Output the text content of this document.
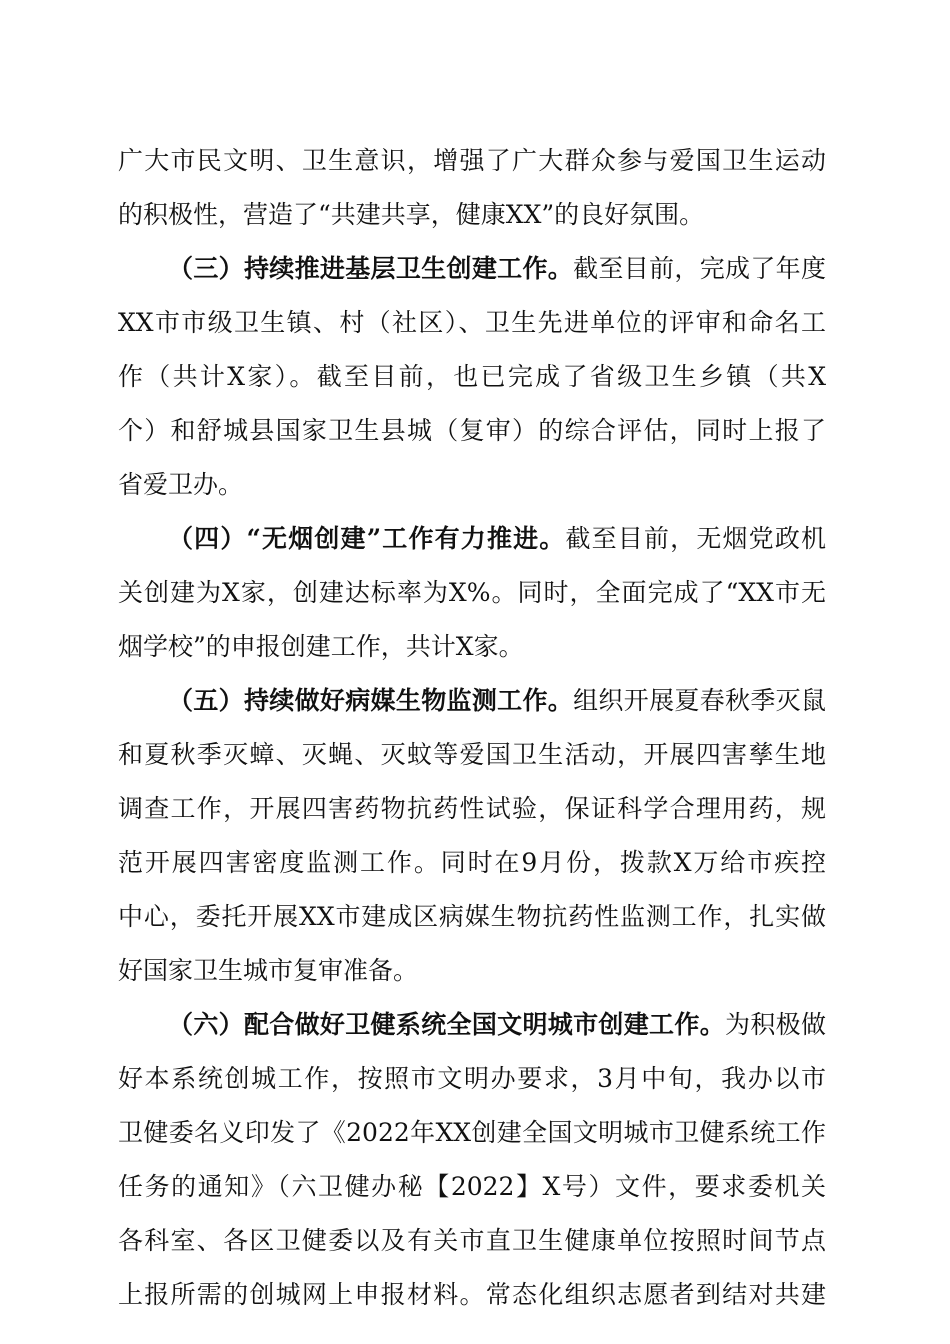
广大市民文明、卫生意识，增强了广大群众参与爱国卫生运动
的积极性，营造了“共建共享，健康XX”的良好氛围。
（三）持续推进基层卫生创建工作。截至目前，完成了年度
XX市市级卫生镇、村（社区）、卫生先进单位的评审和命名工
作（共计X家）。截至目前，也已完成了省级卫生乡镇（共X
个）和舒城县国家卫生县城（复审）的综合评估，同时上报了
省爱卫办。
（四）“无烟创建”工作有力推进。截至目前，无烟党政机
关创建为X家，创建达标率为X%。同时，全面完成了“XX市无
烟学校”的申报创建工作，共计X家。
（五）持续做好病媒生物监测工作。组织开展夏春秋季灭鼠
和夏秋季灭蟑、灭蝇、灭蚊等爱国卫生活动，开展四害孳生地
调查工作，开展四害药物抗药性试验，保证科学合理用药，规
范开展四害密度监测工作。同时在9月份，拨款X万给市疾控
中心，委托开展XX市建成区病媒生物抗药性监测工作，扎实做
好国家卫生城市复审准备。
（六）配合做好卫健系统全国文明城市创建工作。为积极做
好本系统创城工作，按照市文明办要求，3月中旬，我办以市
卫健委名义印发了《2022年XX创建全国文明城市卫健系统工作
任务的通知》（六卫健办秘【2022】X号）文件，要求委机关
各科室、各区卫健委以及有关市直卫生健康单位按照时间节点
上报所需的创城网上申报材料。常态化组织志愿者到结对共建
